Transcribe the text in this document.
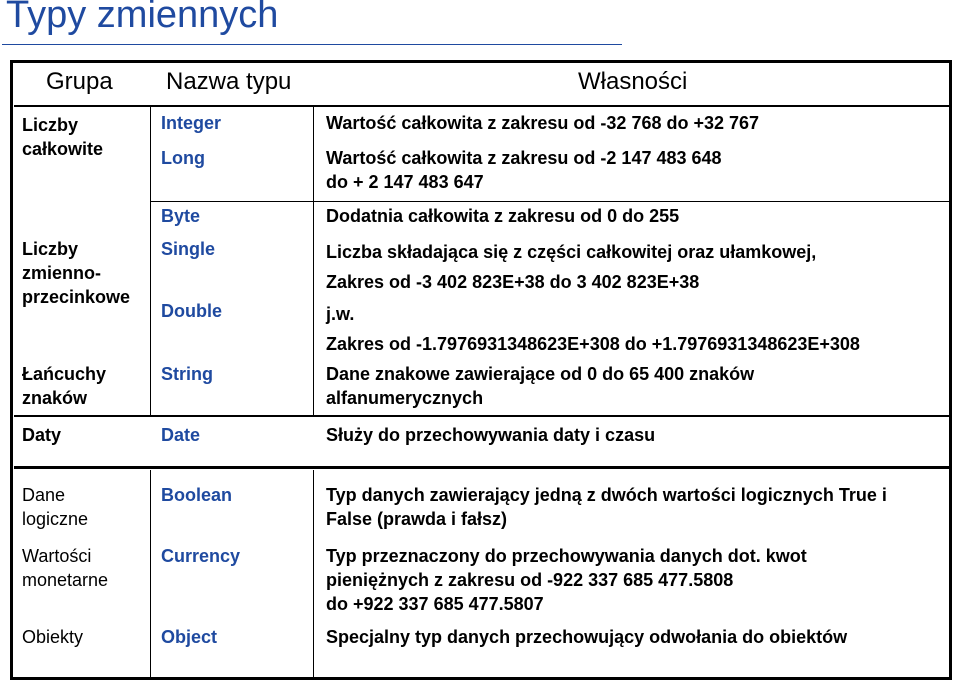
Typy zmiennych
Grupa Nazwa typu	Własności
Liczby
całkowite
Liczby
zmienno-
przecinkowe
Łańcuchy
znaków
Daty
Dane
logiczne
Wartości
monetarne
Obiekty
Integer
Long
Byte
Single
Double
String
Date
Boolean
Currency
Object
Wartość całkowita z zakresu od -32 768 do +32 767
Wartość całkowita z zakresu od -2 147 483 648
do + 2 147 483 647
Dodatnia całkowita z zakresu od 0 do 255
Liczba składająca się z części całkowitej oraz ułamkowej,
Zakres od -3 402 823E+38 do 3 402 823E+38
j.w.
Zakres od -1.7976931348623E+308 do +1.7976931348623E+308
Dane znakowe zawierające od 0 do 65 400 znaków
alfanumerycznych
Służy do przechowywania daty i czasu
Typ danych zawierający jedną z dwóch wartości logicznych True i
False (prawda i fałsz)
Typ przeznaczony do przechowywania danych dot. kwot
pieniężnych z zakresu od -922 337 685 477.5808
do +922 337 685 477.5807
Specjalny typ danych przechowujący odwołania do obiektów
